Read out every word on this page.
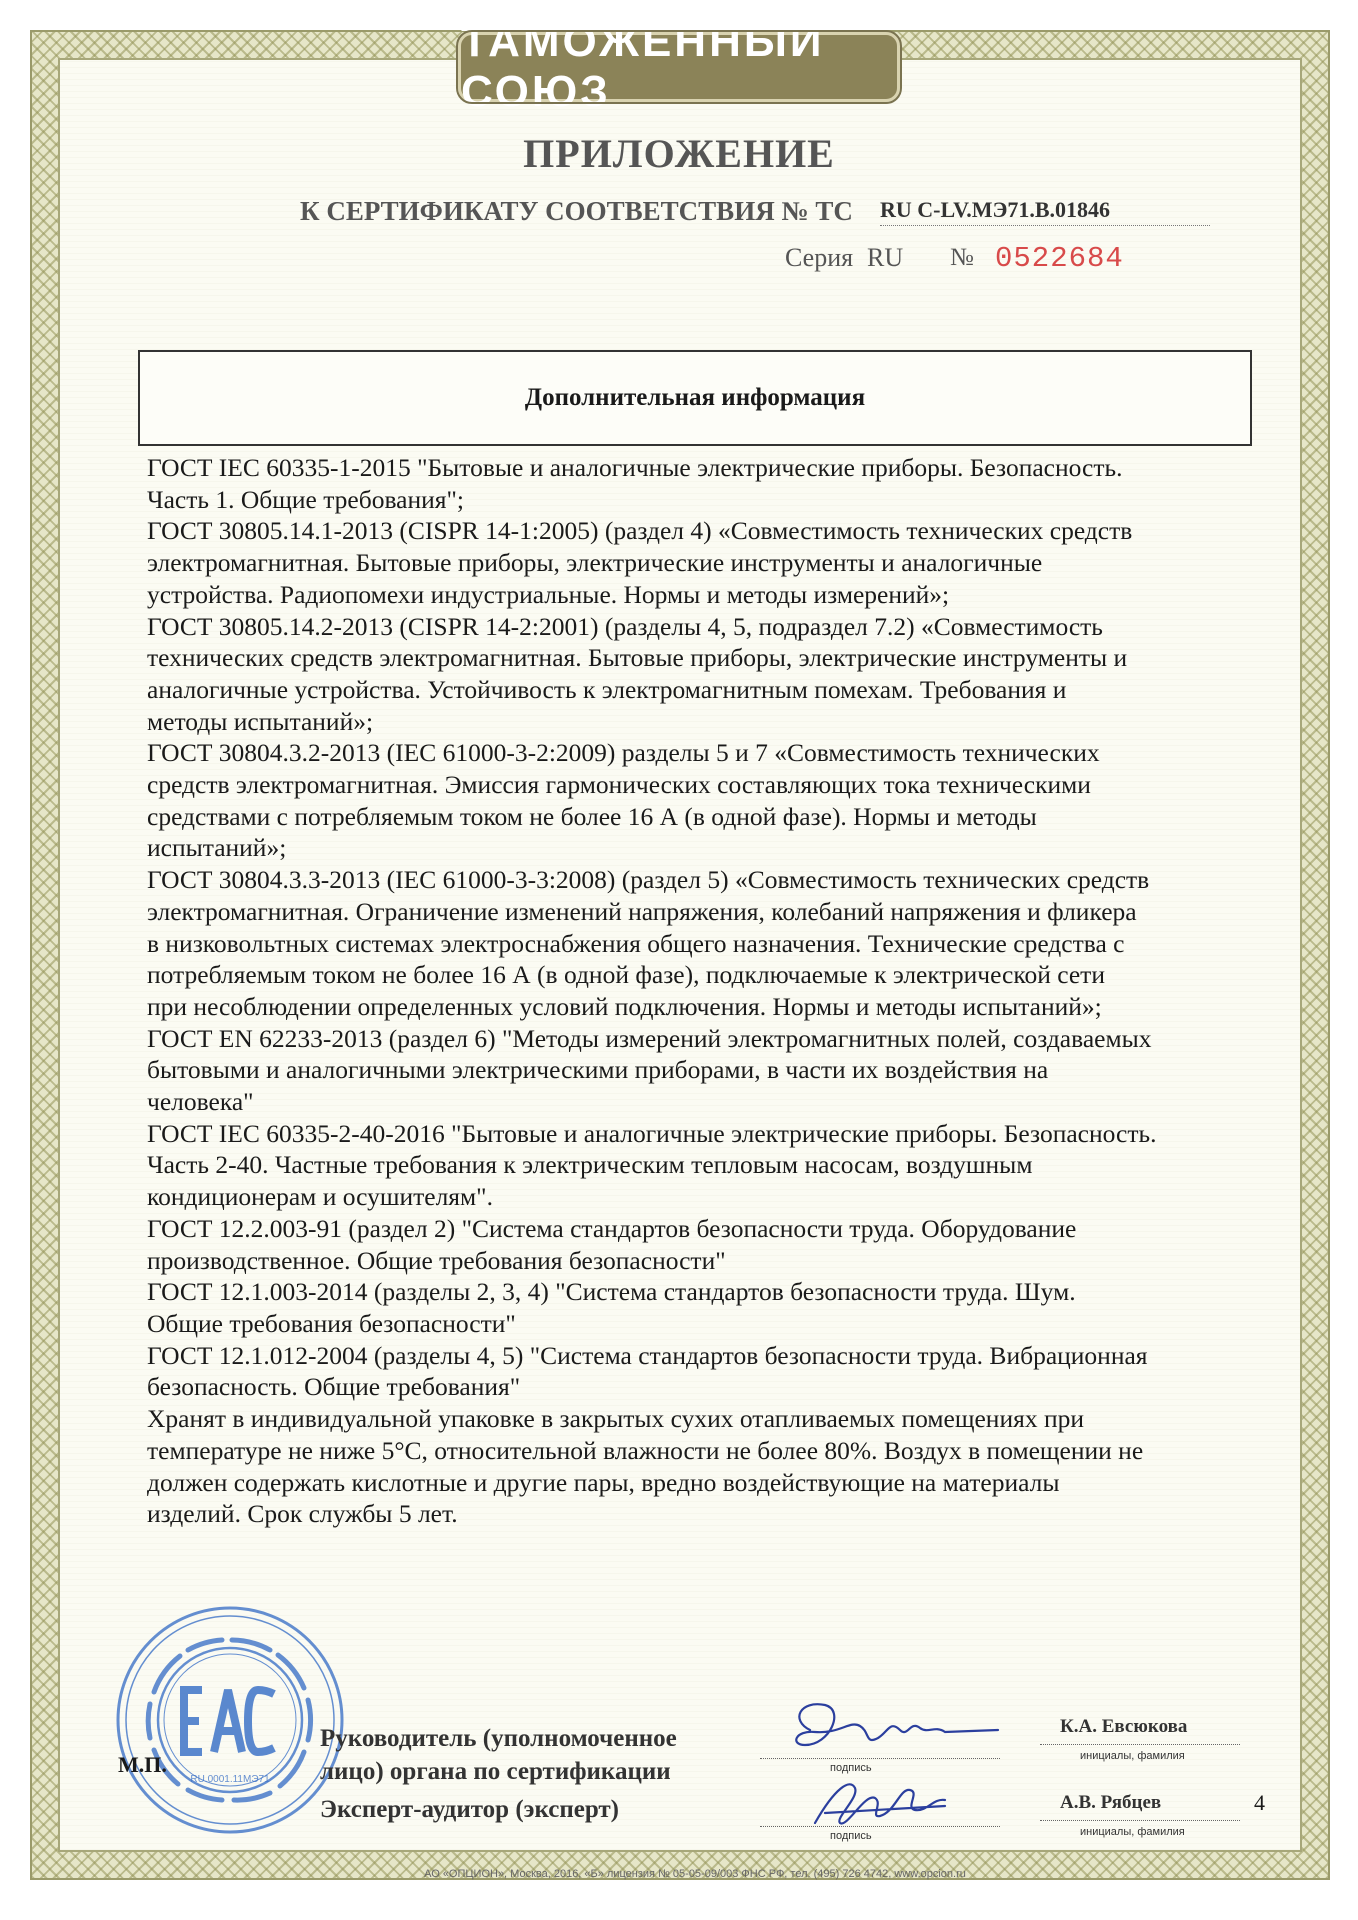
ТАМОЖЕННЫЙ СОЮЗ
ПРИЛОЖЕНИЕ
К СЕРТИФИКАТУ СООТВЕТСТВИЯ № ТС RU C-LV.МЭ71.В.01846
Серия RU № 0522684
Дополнительная информация

ГОСТ IEC 60335-1-2015 "Бытовые и аналогичные электрические приборы. Безопасность.

Часть 1. Общие требования";

ГОСТ 30805.14.1-2013 (CISPR 14-1:2005) (раздел 4) «Совместимость технических средств

электромагнитная. Бытовые приборы, электрические инструменты и аналогичные

устройства. Радиопомехи индустриальные. Нормы и методы измерений»;

ГОСТ 30805.14.2-2013 (CISPR 14-2:2001) (разделы 4, 5, подраздел 7.2) «Совместимость

технических средств электромагнитная. Бытовые приборы, электрические инструменты и

аналогичные устройства. Устойчивость к электромагнитным помехам. Требования и

методы испытаний»;

ГОСТ 30804.3.2-2013 (IEC 61000-3-2:2009) разделы 5 и 7 «Совместимость технических

средств электромагнитная. Эмиссия гармонических составляющих тока техническими

средствами с потребляемым током не более 16 А (в одной фазе). Нормы и методы

испытаний»;

ГОСТ 30804.3.3-2013 (IEC 61000-3-3:2008) (раздел 5) «Совместимость технических средств

электромагнитная. Ограничение изменений напряжения, колебаний напряжения и фликера

в низковольтных системах электроснабжения общего назначения. Технические средства с

потребляемым током не более 16 А (в одной фазе), подключаемые к электрической сети

при несоблюдении определенных условий подключения. Нормы и методы испытаний»;

ГОСТ EN 62233-2013 (раздел 6) "Методы измерений электромагнитных полей, создаваемых

бытовыми и аналогичными электрическими приборами, в части их воздействия на

человека"

ГОСТ IEC 60335-2-40-2016 "Бытовые и аналогичные электрические приборы. Безопасность.

Часть 2-40. Частные требования к электрическим тепловым насосам, воздушным

кондиционерам и осушителям".

ГОСТ 12.2.003-91 (раздел 2) "Система стандартов безопасности труда. Оборудование

производственное. Общие требования безопасности"

ГОСТ 12.1.003-2014 (разделы 2, 3, 4) "Система стандартов безопасности труда. Шум.

Общие требования безопасности"

ГОСТ 12.1.012-2004 (разделы 4, 5) "Система стандартов безопасности труда. Вибрационная

безопасность. Общие требования"

Хранят в индивидуальной упаковке в закрытых сухих отапливаемых помещениях при

температуре не ниже 5°С, относительной влажности не более 80%. Воздух в помещении не

должен содержать кислотные и другие пары, вредно воздействующие на материалы

изделий. Срок службы 5 лет.

RU.0001.11МЭ71
М.П.
Руководитель (уполномоченное лицо) органа по сертификации
Эксперт-аудитор (эксперт)
подпись
К.А. Евсюкова
инициалы, фамилия
подпись
А.В. Рябцев
инициалы, фамилия
4
АО «ОПЦИОН», Москва, 2016, «Б» лицензия № 05-05-09/003 ФНС РФ, тел. (495) 726 4742, www.opcion.ru
